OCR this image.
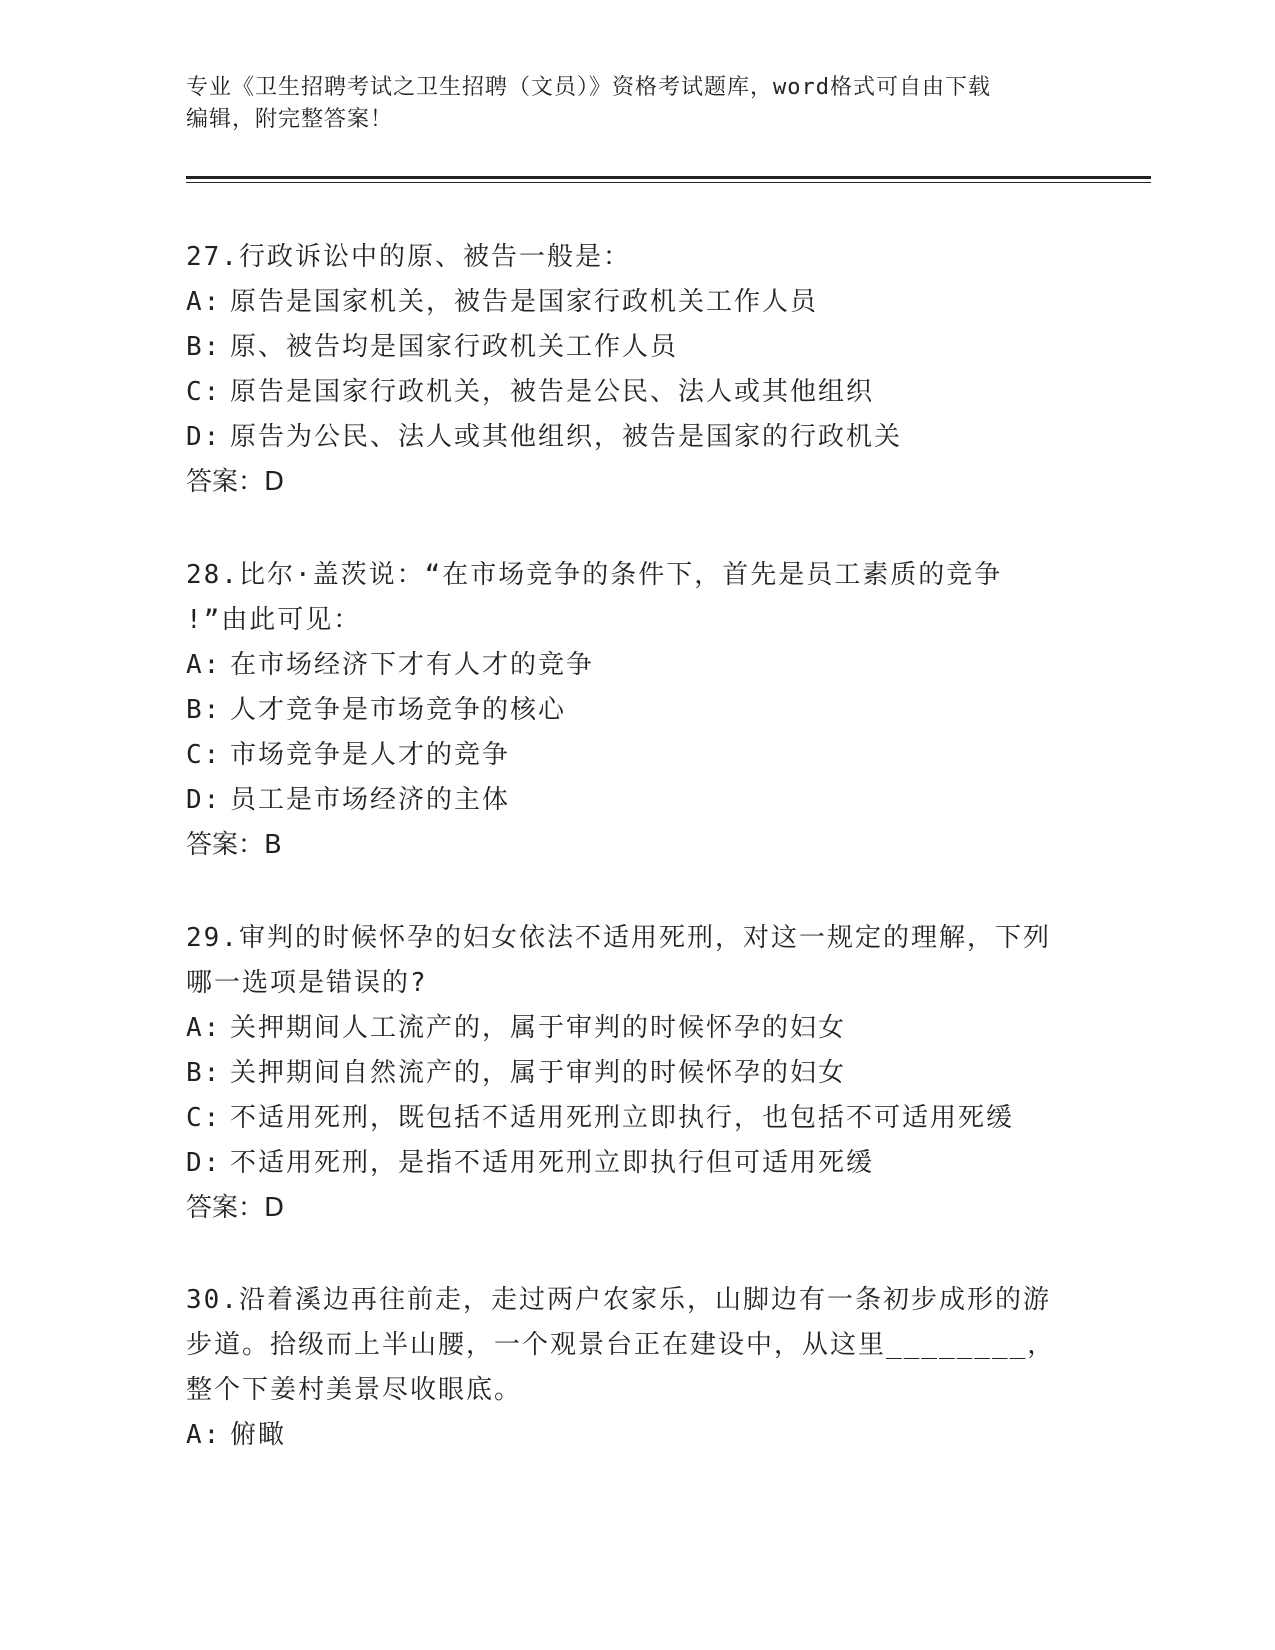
专业《卫生招聘考试之卫生招聘（文员）》资格考试题库，word格式可自由下载
编辑，附完整答案！

27.行政诉讼中的原、被告一般是：

A: 原告是国家机关，被告是国家行政机关工作人员

B: 原、被告均是国家行政机关工作人员

C: 原告是国家行政机关，被告是公民、法人或其他组织

D: 原告为公民、法人或其他组织，被告是国家的行政机关

答案：D

28.比尔·盖茨说：“在市场竞争的条件下，首先是员工素质的竞争

!”由此可见：

A: 在市场经济下才有人才的竞争

B: 人才竞争是市场竞争的核心

C: 市场竞争是人才的竞争

D: 员工是市场经济的主体

答案：B

29.审判的时候怀孕的妇女依法不适用死刑，对这一规定的理解，下列

哪一选项是错误的?

A: 关押期间人工流产的，属于审判的时候怀孕的妇女

B: 关押期间自然流产的，属于审判的时候怀孕的妇女

C: 不适用死刑，既包括不适用死刑立即执行，也包括不可适用死缓

D: 不适用死刑，是指不适用死刑立即执行但可适用死缓

答案：D

30.沿着溪边再往前走，走过两户农家乐，山脚边有一条初步成形的游

步道。拾级而上半山腰，一个观景台正在建设中，从这里________，

整个下姜村美景尽收眼底。

A: 俯瞰
